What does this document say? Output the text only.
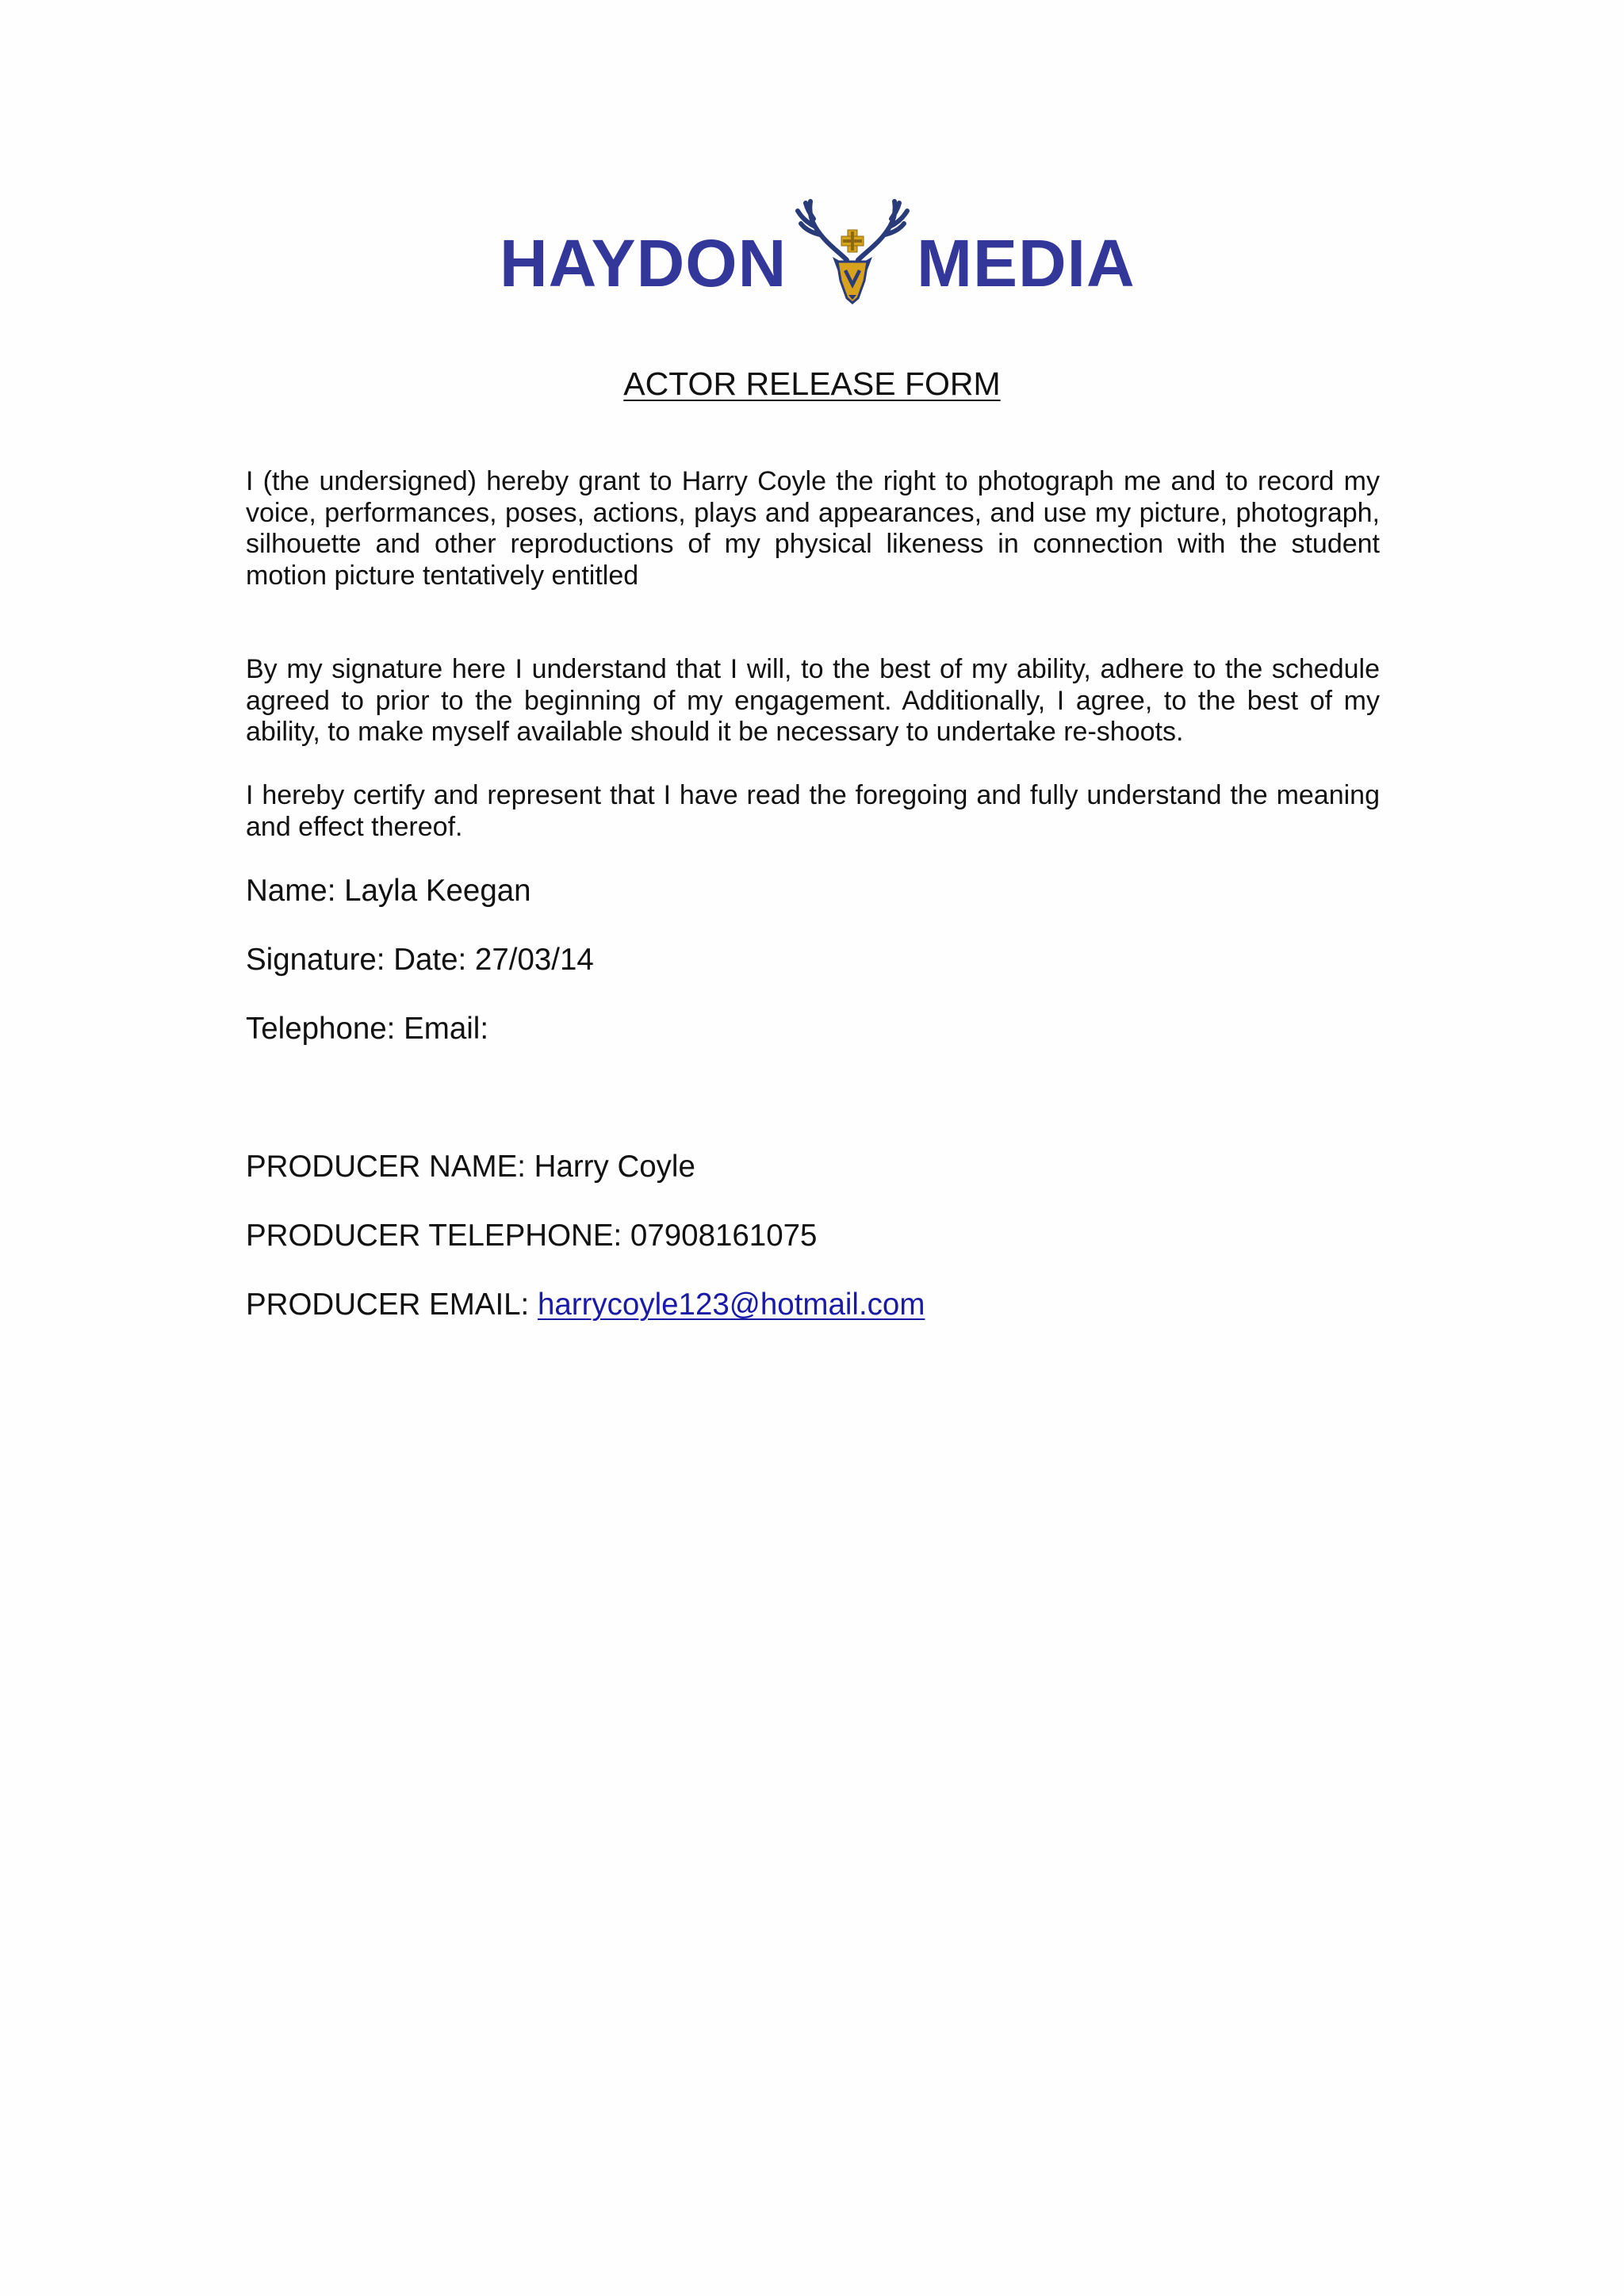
HAYDON MEDIA
ACTOR RELEASE FORM
I (the undersigned) hereby grant to Harry Coyle the right to photograph me and to record my voice, performances, poses, actions, plays and appearances, and use my picture, photograph, silhouette and other reproductions of my physical likeness in connection with the student motion picture tentatively entitled
By my signature here I understand that I will, to the best of my ability, adhere to the schedule agreed to prior to the beginning of my engagement. Additionally, I agree, to the best of my ability, to make myself available should it be necessary to undertake re-shoots.
I hereby certify and represent that I have read the foregoing and fully understand the meaning and effect thereof.
Name: Layla Keegan
Signature: Date: 27/03/14
Telephone: Email:
PRODUCER NAME: Harry Coyle
PRODUCER TELEPHONE: 07908161075
PRODUCER EMAIL: harrycoyle123@hotmail.com
